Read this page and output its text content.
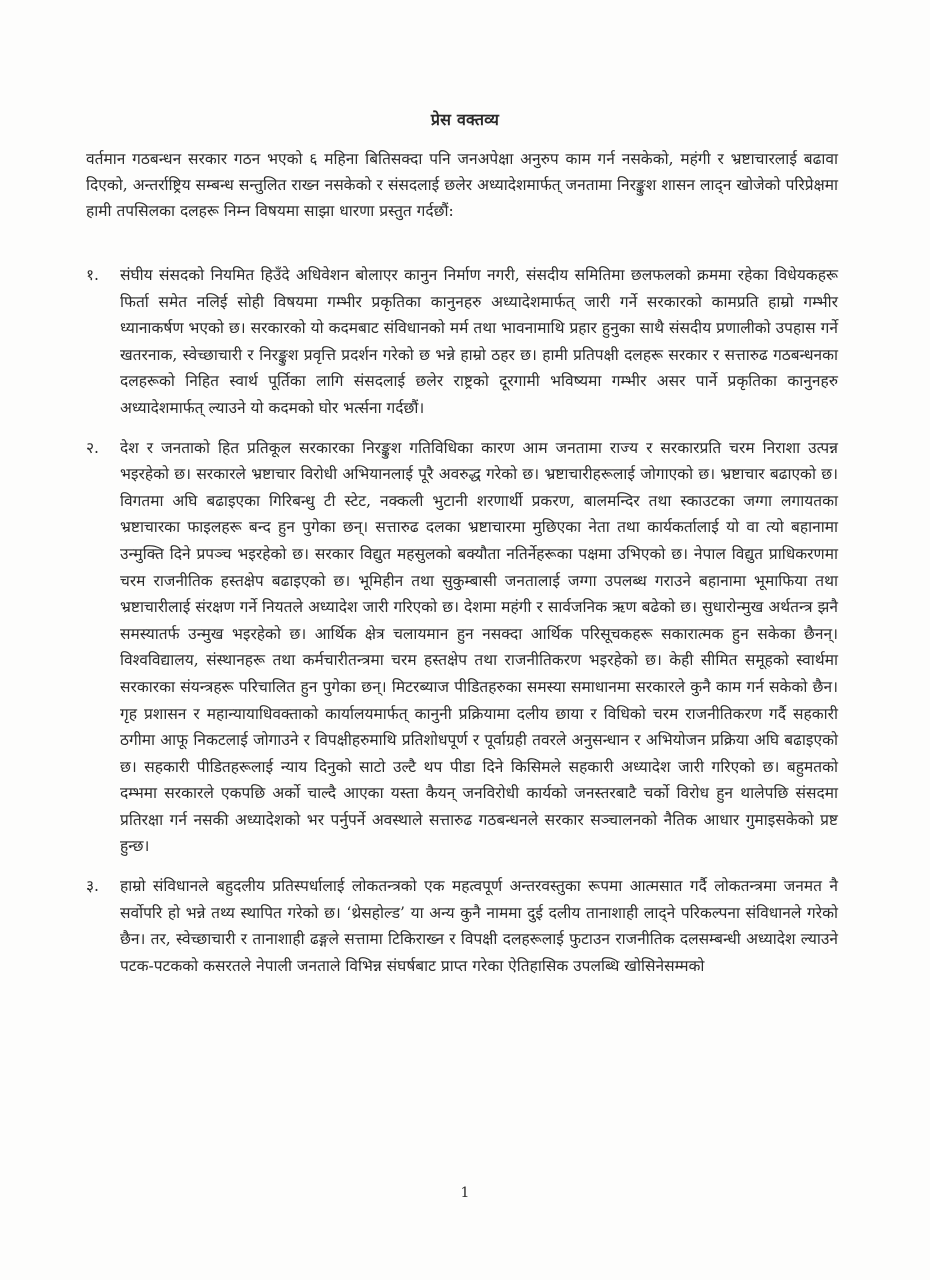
प्रेस वक्तव्य

वर्तमान गठबन्धन सरकार गठन भएको ६ महिना बितिसक्दा पनि जनअपेक्षा अनुरुप काम गर्न नसकेको, महंगी र भ्रष्टाचारलाई बढावा दिएको, अन्तर्राष्ट्रिय सम्बन्ध सन्तुलित राख्न नसकेको र संसदलाई छलेर अध्यादेशमार्फत् जनतामा निरङ्कुश शासन लाद्न खोजेको परिप्रेक्षमा हामी तपसिलका दलहरू निम्न विषयमा साझा धारणा प्रस्तुत गर्दछौं:

१.	संघीय संसदको नियमित हिउँदे अधिवेशन बोलाएर कानुन निर्माण नगरी, संसदीय समितिमा छलफलको क्रममा रहेका विधेयकहरू फिर्ता समेत नलिई सोही विषयमा गम्भीर प्रकृतिका कानुनहरु अध्यादेशमार्फत् जारी गर्ने सरकारको कामप्रति हाम्रो गम्भीर ध्यानाकर्षण भएको छ। सरकारको यो कदमबाट संविधानको मर्म तथा भावनामाथि प्रहार हुनुका साथै संसदीय प्रणालीको उपहास गर्ने खतरनाक, स्वेच्छाचारी र निरङ्कुश प्रवृत्ति प्रदर्शन गरेको छ भन्ने हाम्रो ठहर छ। हामी प्रतिपक्षी दलहरू सरकार र सत्तारुढ गठबन्धनका दलहरूको निहित स्वार्थ पूर्तिका लागि संसदलाई छलेर राष्ट्रको दूरगामी भविष्यमा गम्भीर असर पार्ने प्रकृतिका कानुनहरु अध्यादेशमार्फत् ल्याउने यो कदमको घोर भर्त्सना गर्दछौं।
२.	देश र जनताको हित प्रतिकूल सरकारका निरङ्कुश गतिविधिका कारण आम जनतामा राज्य र सरकारप्रति चरम निराशा उत्पन्न भइरहेको छ। सरकारले भ्रष्टाचार विरोधी अभियानलाई पूरै अवरुद्ध गरेको छ। भ्रष्टाचारीहरूलाई जोगाएको छ। भ्रष्टाचार बढाएको छ। विगतमा अघि बढाइएका गिरिबन्धु टी स्टेट, नक्कली भुटानी शरणार्थी प्रकरण, बालमन्दिर तथा स्काउटका जग्गा लगायतका भ्रष्टाचारका फाइलहरू बन्द हुन पुगेका छन्। सत्तारुढ दलका भ्रष्टाचारमा मुछिएका नेता तथा कार्यकर्तालाई यो वा त्यो बहानामा उन्मुक्ति दिने प्रपञ्च भइरहेको छ। सरकार विद्युत महसुलको बक्यौता नतिर्नेहरूका पक्षमा उभिएको छ। नेपाल विद्युत प्राधिकरणमा चरम राजनीतिक हस्तक्षेप बढाइएको छ। भूमिहीन तथा सुकुम्बासी जनतालाई जग्गा उपलब्ध गराउने बहानामा भूमाफिया तथा भ्रष्टाचारीलाई संरक्षण गर्ने नियतले अध्यादेश जारी गरिएको छ। देशमा महंगी र सार्वजनिक ऋण बढेको छ। सुधारोन्मुख अर्थतन्त्र झनै समस्यातर्फ उन्मुख भइरहेको छ। आर्थिक क्षेत्र चलायमान हुन नसक्दा आर्थिक परिसूचकहरू सकारात्मक हुन सकेका छैनन्। विश्वविद्यालय, संस्थानहरू तथा कर्मचारीतन्त्रमा चरम हस्तक्षेप तथा राजनीतिकरण भइरहेको छ। केही सीमित समूहको स्वार्थमा सरकारका संयन्त्रहरू परिचालित हुन पुगेका छन्। मिटरब्याज पीडितहरुका समस्या समाधानमा सरकारले कुनै काम गर्न सकेको छैन। गृह प्रशासन र महान्यायाधिवक्ताको कार्यालयमार्फत् कानुनी प्रक्रियामा दलीय छाया र विधिको चरम राजनीतिकरण गर्दै सहकारी ठगीमा आफू निकटलाई जोगाउने र विपक्षीहरुमाथि प्रतिशोधपूर्ण र पूर्वाग्रही तवरले अनुसन्धान र अभियोजन प्रक्रिया अघि बढाइएको छ। सहकारी पीडितहरूलाई न्याय दिनुको साटो उल्टै थप पीडा दिने किसिमले सहकारी अध्यादेश जारी गरिएको छ। बहुमतको दम्भमा सरकारले एकपछि अर्को चाल्दै आएका यस्ता कैयन् जनविरोधी कार्यको जनस्तरबाटै चर्को विरोध हुन थालेपछि संसदमा प्रतिरक्षा गर्न नसकी अध्यादेशको भर पर्नुपर्ने अवस्थाले सत्तारुढ गठबन्धनले सरकार सञ्चालनको नैतिक आधार गुमाइसकेको प्रष्ट हुन्छ।
३.	हाम्रो संविधानले बहुदलीय प्रतिस्पर्धालाई लोकतन्त्रको एक महत्वपूर्ण अन्तरवस्तुका रूपमा आत्मसात गर्दै लोकतन्त्रमा जनमत नै सर्वोपरि हो भन्ने तथ्य स्थापित गरेको छ। ‘थ्रेसहोल्ड’ या अन्य कुनै नाममा दुई दलीय तानाशाही लाद्ने परिकल्पना संविधानले गरेको छैन। तर, स्वेच्छाचारी र तानाशाही ढङ्गले सत्तामा टिकिराख्न र विपक्षी दलहरूलाई फुटाउन राजनीतिक दलसम्बन्धी अध्यादेश ल्याउने पटक-पटकको कसरतले नेपाली जनताले विभिन्न संघर्षबाट प्राप्त गरेका ऐतिहासिक उपलब्धि खोसिनेसम्मको
1
